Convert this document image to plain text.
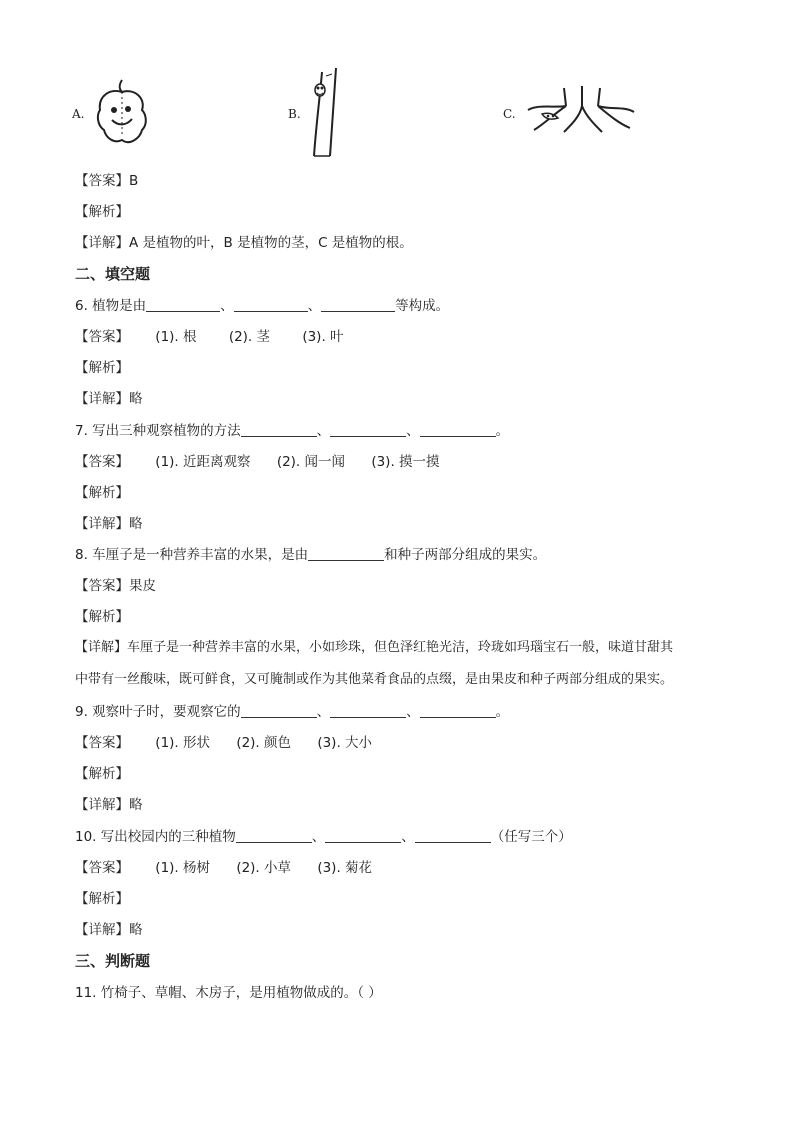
A.	B.	C.
【答案】B
【解析】
【详解】A 是植物的叶，B 是植物的茎，C 是植物的根。
二、填空题
6. 植物是由	、	、	等构成。
【答案】 (1). 根 (2). 茎 (3). 叶
【解析】
【详解】略
7. 写出三种观察植物的方法	、	、	。
【答案】 (1). 近距离观察 (2). 闻一闻 (3). 摸一摸
【解析】
【详解】略
8. 车厘子是一种营养丰富的水果，是由	和种子两部分组成的果实。
【答案】果皮
【解析】
【详解】车厘子是一种营养丰富的水果，小如珍珠，但色泽红艳光洁，玲珑如玛瑙宝石一般，味道甘甜其
中带有一丝酸味，既可鲜食，又可腌制或作为其他菜肴食品的点缀，是由果皮和种子两部分组成的果实。
9. 观察叶子时，要观察它的	、	、	。
【答案】 (1). 形状 (2). 颜色 (3). 大小
【解析】
【详解】略
10. 写出校园内的三种植物	、	、	（任写三个）
【答案】 (1). 杨树 (2). 小草 (3). 菊花
【解析】
【详解】略
三、判断题
11. 竹椅子、草帽、木房子，是用植物做成的。（ ）
